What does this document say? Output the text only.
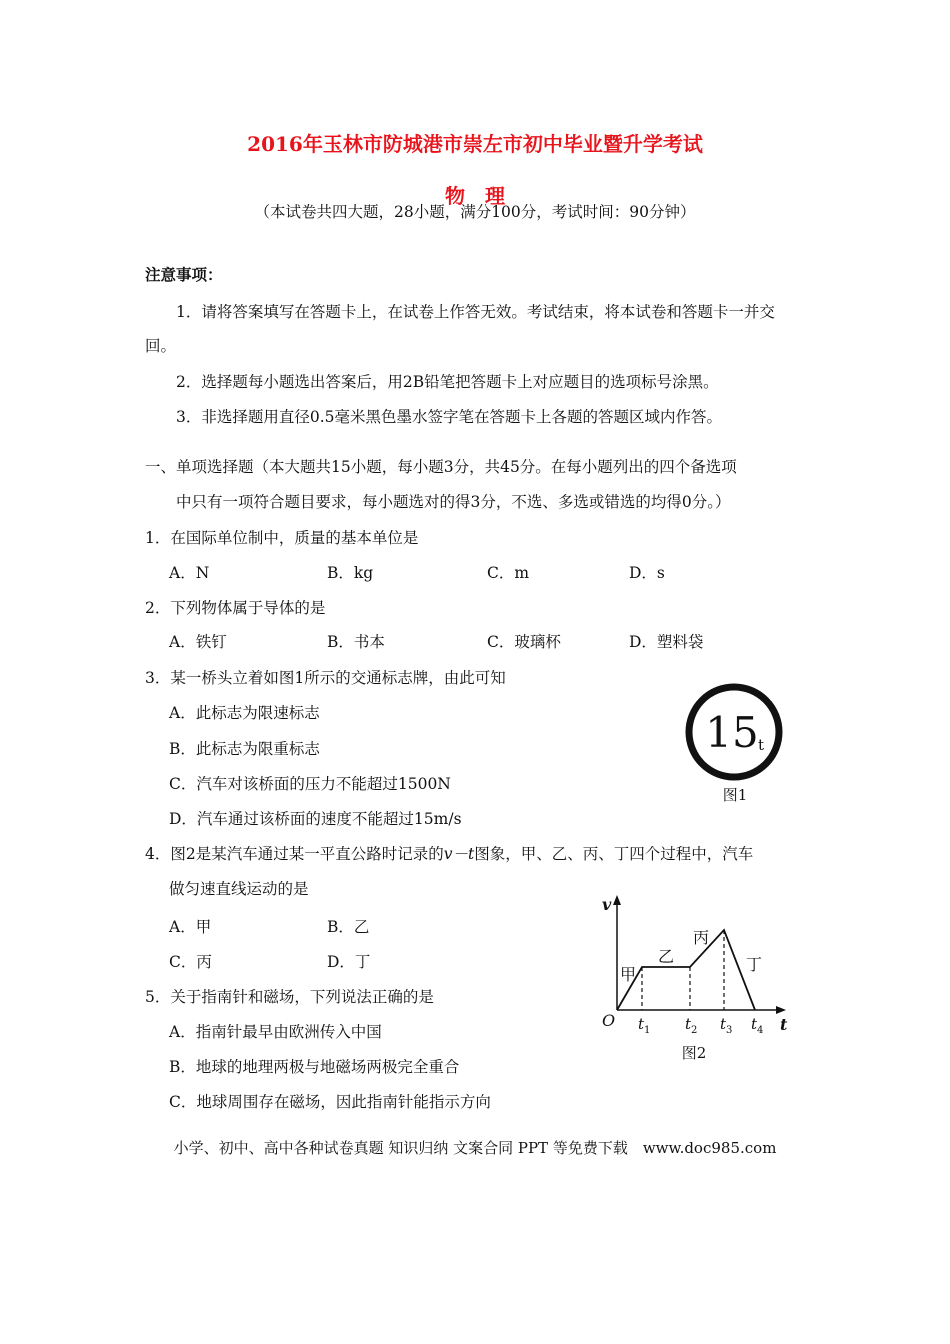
2016年玉林市防城港市崇左市初中毕业暨升学考试
物　理
（本试卷共四大题，28小题，满分100分，考试时间：90分钟）
注意事项：
1．请将答案填写在答题卡上，在试卷上作答无效。考试结束，将本试卷和答题卡一并交
回。
2．选择题每小题选出答案后，用2B铅笔把答题卡上对应题目的选项标号涂黑。
3．非选择题用直径0.5毫米黑色墨水签字笔在答题卡上各题的答题区域内作答。
一、单项选择题（本大题共15小题，每小题3分，共45分。在每小题列出的四个备选项
中只有一项符合题目要求，每小题选对的得3分，不选、多选或错选的均得0分。）
1．在国际单位制中，质量的基本单位是
A．N	B．kg	C．m	D．s
2．下列物体属于导体的是
A．铁钉	B．书本	C．玻璃杯	D．塑料袋
3．某一桥头立着如图1所示的交通标志牌，由此可知
A．此标志为限速标志
B．此标志为限重标志
C．汽车对该桥面的压力不能超过1500N
D．汽车通过该桥面的速度不能超过15m/s
15 t
图1
4．图2是某汽车通过某一平直公路时记录的v－t图象，甲、乙、丙、丁四个过程中，汽车
做匀速直线运动的是
A．甲	B．乙
C．丙	D．丁
v
t
O
甲
乙
丙
丁
$t_1$ $t_2$ $t_3$ $t_4$
图2
5．关于指南针和磁场，下列说法正确的是
A．指南针最早由欧洲传入中国
B．地球的地理两极与地磁场两极完全重合
C．地球周围存在磁场，因此指南针能指示方向
小学、初中、高中各种试卷真题 知识归纳 文案合同 PPT 等免费下载　www.doc985.com
